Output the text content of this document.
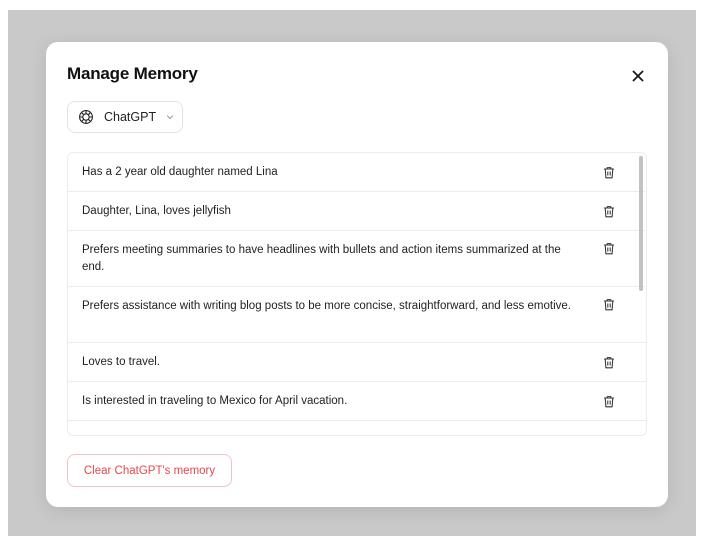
Manage Memory
ChatGPT
Has a 2 year old daughter named Lina
Daughter, Lina, loves jellyfish
Prefers meeting summaries to have headlines with bullets and action items summarized at the end.
Prefers assistance with writing blog posts to be more concise, straightforward, and less emotive.
Loves to travel.
Is interested in traveling to Mexico for April vacation.
Clear ChatGPT's memory
